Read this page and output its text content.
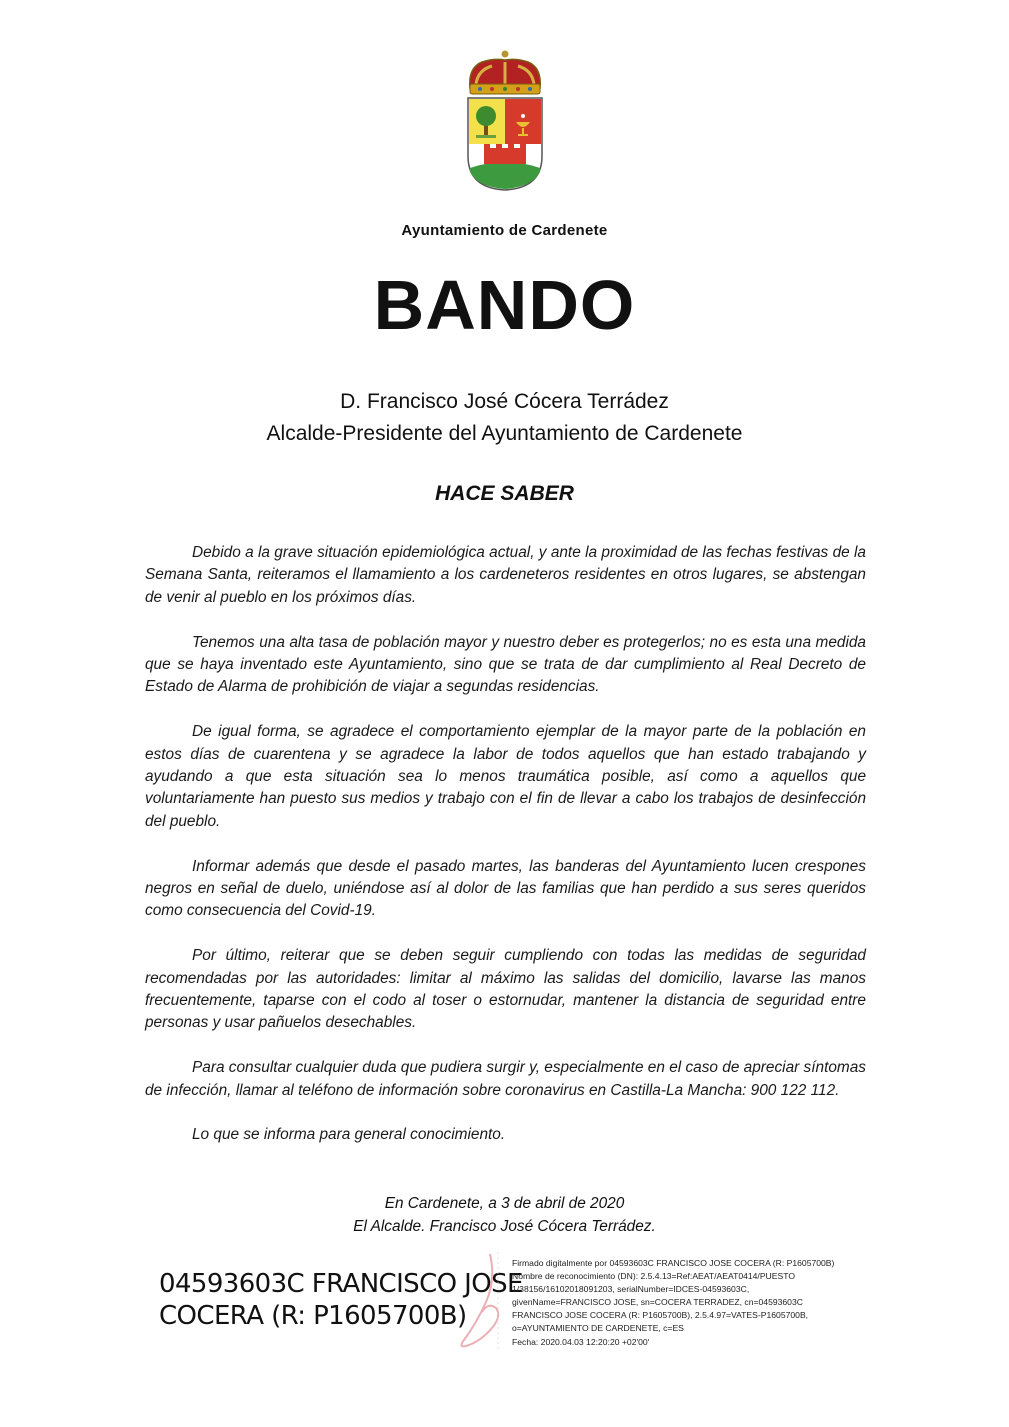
Ayuntamiento de Cardenete
BANDO
D. Francisco José Cócera Terrádez
Alcalde-Presidente del Ayuntamiento de Cardenete
HACE SABER

Debido a la grave situación epidemiológica actual, y ante la proximidad de las fechas festivas de la Semana Santa, reiteramos el llamamiento a los cardeneteros residentes en otros lugares, se abstengan de venir al pueblo en los próximos días.

Tenemos una alta tasa de población mayor y nuestro deber es protegerlos; no es esta una medida que se haya inventado este Ayuntamiento, sino que se trata de dar cumplimiento al Real Decreto de Estado de Alarma de prohibición de viajar a segundas residencias.

De igual forma, se agradece el comportamiento ejemplar de la mayor parte de la población en estos días de cuarentena y se agradece la labor de todos aquellos que han estado trabajando y ayudando a que esta situación sea lo menos traumática posible, así como a aquellos que voluntariamente han puesto sus medios y trabajo con el fin de llevar a cabo los trabajos de desinfección del pueblo.

Informar además que desde el pasado martes, las banderas del Ayuntamiento lucen crespones negros en señal de duelo, uniéndose así al dolor de las familias que han perdido a sus seres queridos como consecuencia del Covid-19.

Por último, reiterar que se deben seguir cumpliendo con todas las medidas de seguridad recomendadas por las autoridades: limitar al máximo las salidas del domicilio, lavarse las manos frecuentemente, taparse con el codo al toser o estornudar, mantener la distancia de seguridad entre personas y usar pañuelos desechables.

Para consultar cualquier duda que pudiera surgir y, especialmente en el caso de apreciar síntomas de infección, llamar al teléfono de información sobre coronavirus en Castilla-La Mancha: 900 122 112.

Lo que se informa para general conocimiento.

En Cardenete, a 3 de abril de 2020
El Alcalde. Francisco José Cócera Terrádez.
04593603C FRANCISCO JOSE
COCERA (R: P1605700B)
Firmado digitalmente por 04593603C FRANCISCO JOSE COCERA (R: P1605700B)
Nombre de reconocimiento (DN): 2.5.4.13=Ref:AEAT/AEAT0414/PUESTO
1/38156/16102018091203, serialNumber=IDCES-04593603C,
givenName=FRANCISCO JOSE, sn=COCERA TERRADEZ, cn=04593603C
FRANCISCO JOSE COCERA (R: P1605700B), 2.5.4.97=VATES-P1605700B,
o=AYUNTAMIENTO DE CARDENETE, c=ES
Fecha: 2020.04.03 12:20:20 +02'00'
